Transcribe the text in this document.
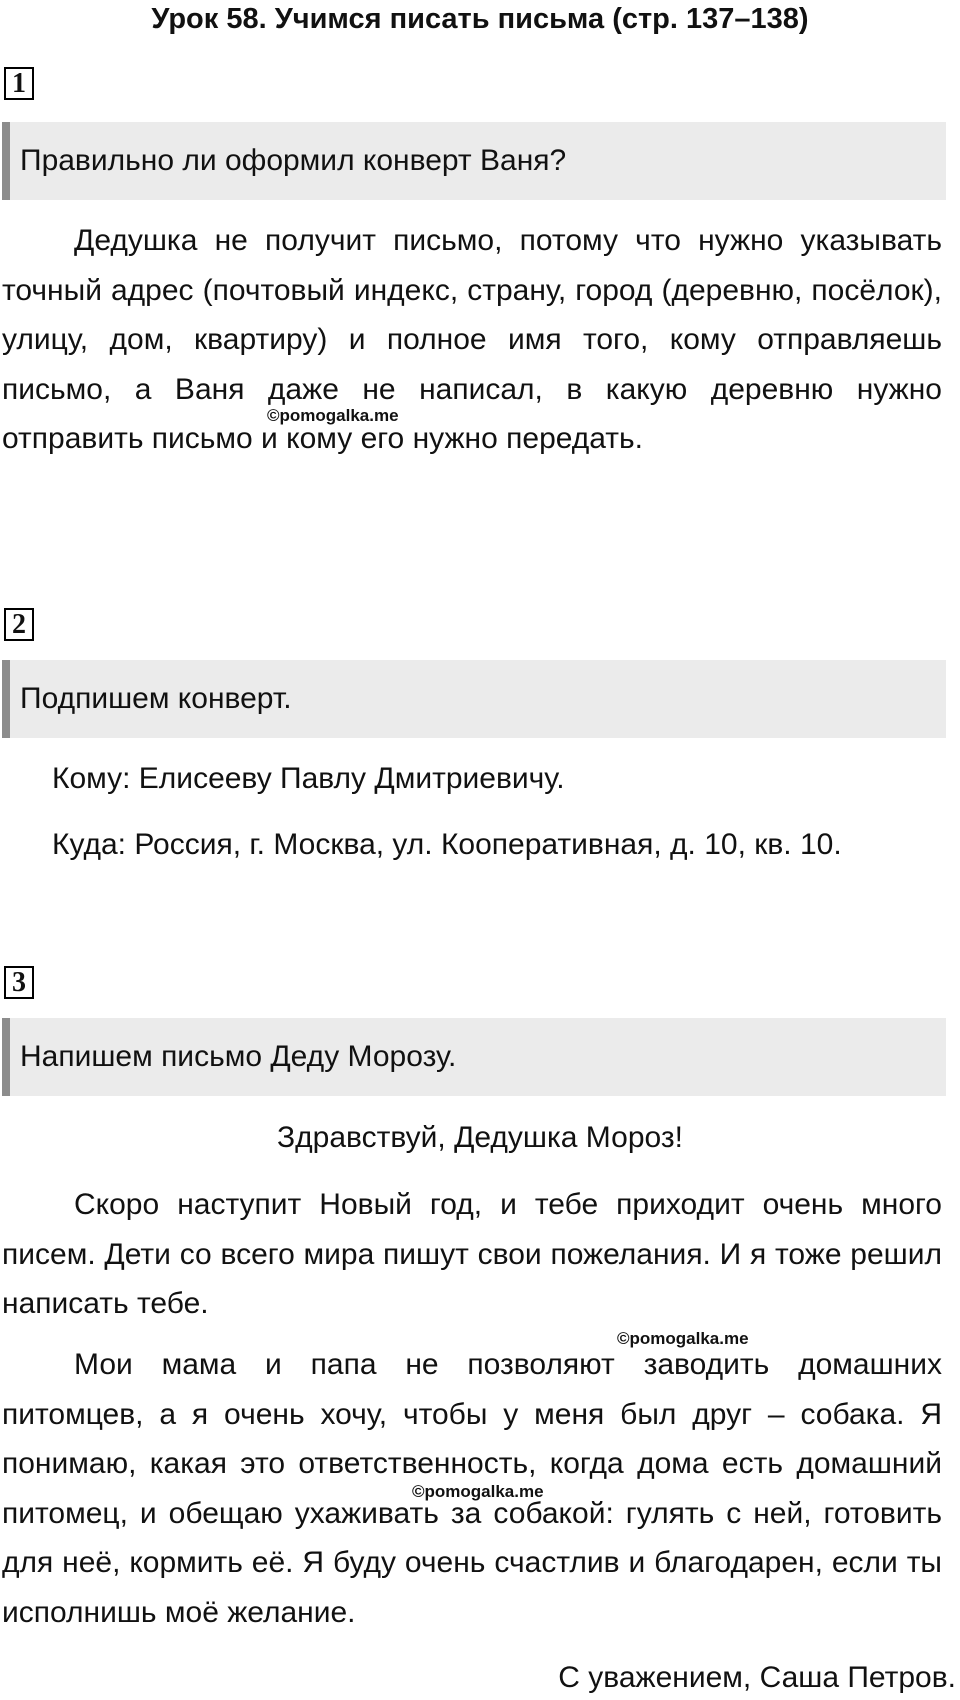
Урок 58. Учимся писать письма (стр. 137–138)
1
Правильно ли оформил конверт Ваня?

Дедушка не получит письмо, потому что нужно указывать точный адрес (почтовый индекс, страну, город (деревню, посёлок), улицу, дом, квартиру) и полное имя того, кому отправляешь письмо, а Ваня даже не написал, в какую деревню нужно отправить письмо и кому его нужно передать.

©pomogalka.me
2
Подпишем конверт.

Кому: Елисееву Павлу Дмитриевичу.

Куда: Россия, г. Москва, ул. Кооперативная, д. 10, кв. 10.

3
Напишем письмо Деду Морозу.

Здравствуй, Дедушка Мороз!

Скоро наступит Новый год, и тебе приходит очень много писем. Дети со всего мира пишут свои пожелания. И я тоже решил написать тебе.

©pomogalka.me

Мои мама и папа не позволяют заводить домашних питомцев, а я очень хочу, чтобы у меня был друг – собака. Я понимаю, какая это ответственность, когда дома есть домашний питомец, и обещаю ухаживать за собакой: гулять с ней, готовить для неё, кормить её. Я буду очень счастлив и благодарен, если ты исполнишь моё желание.

©pomogalka.me

С уважением, Саша Петров.
